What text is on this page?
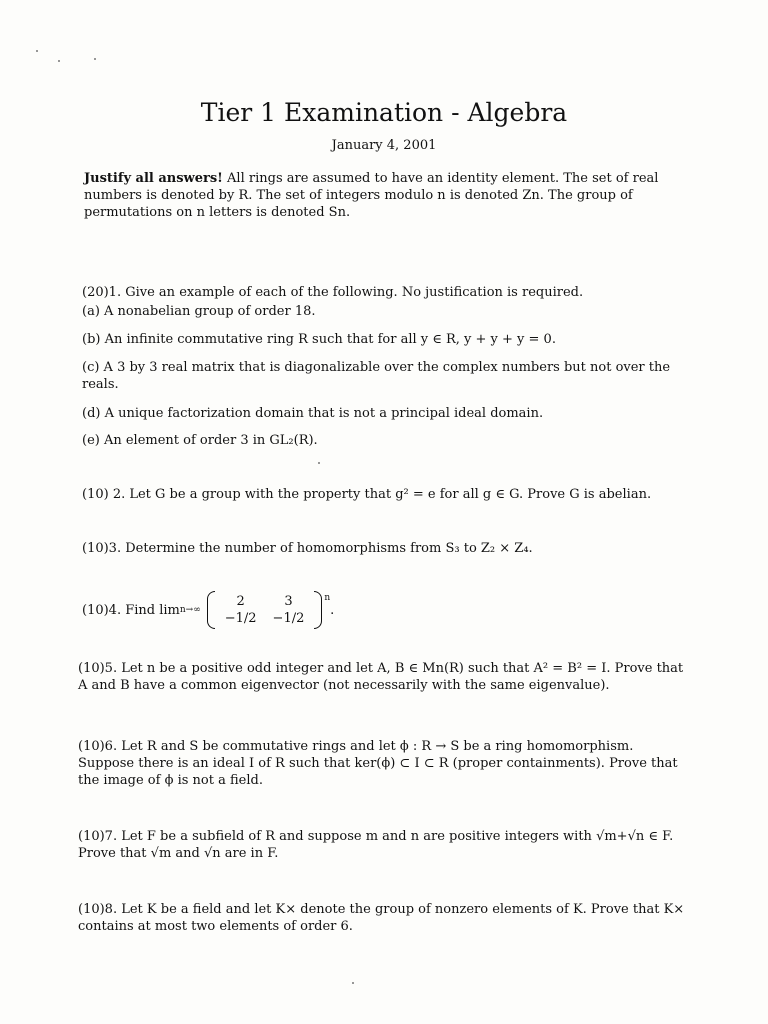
Tier 1 Examination - Algebra
January 4, 2001
Justify all answers! All rings are assumed to have an identity element. The set of real numbers is denoted by R. The set of integers modulo n is denoted Zn. The group of permutations on n letters is denoted Sn.
(20)1. Give an example of each of the following. No justification is required.
(a) A nonabelian group of order 18.
(b) An infinite commutative ring R such that for all y ∈ R, y + y + y = 0.
(c) A 3 by 3 real matrix that is diagonalizable over the complex numbers but not over the reals.
(d) A unique factorization domain that is not a principal ideal domain.
(e) An element of order 3 in GL₂(R).
(10) 2. Let G be a group with the property that g² = e for all g ∈ G. Prove G is abelian.
(10)3. Determine the number of homomorphisms from S₃ to Z₂ × Z₄.
(10)4. Find lim n→∞
2	3
−1/2	−1/2
$^n$
.
(10)5. Let n be a positive odd integer and let A, B ∈ Mn(R) such that A² = B² = I. Prove that A and B have a common eigenvector (not necessarily with the same eigenvalue).
(10)6. Let R and S be commutative rings and let ϕ : R → S be a ring homomorphism. Suppose there is an ideal I of R such that ker(ϕ) ⊂ I ⊂ R (proper containments). Prove that the image of ϕ is not a field.
(10)7. Let F be a subfield of R and suppose m and n are positive integers with √m+√n ∈ F. Prove that √m and √n are in F.
(10)8. Let K be a field and let K× denote the group of nonzero elements of K. Prove that K× contains at most two elements of order 6.
